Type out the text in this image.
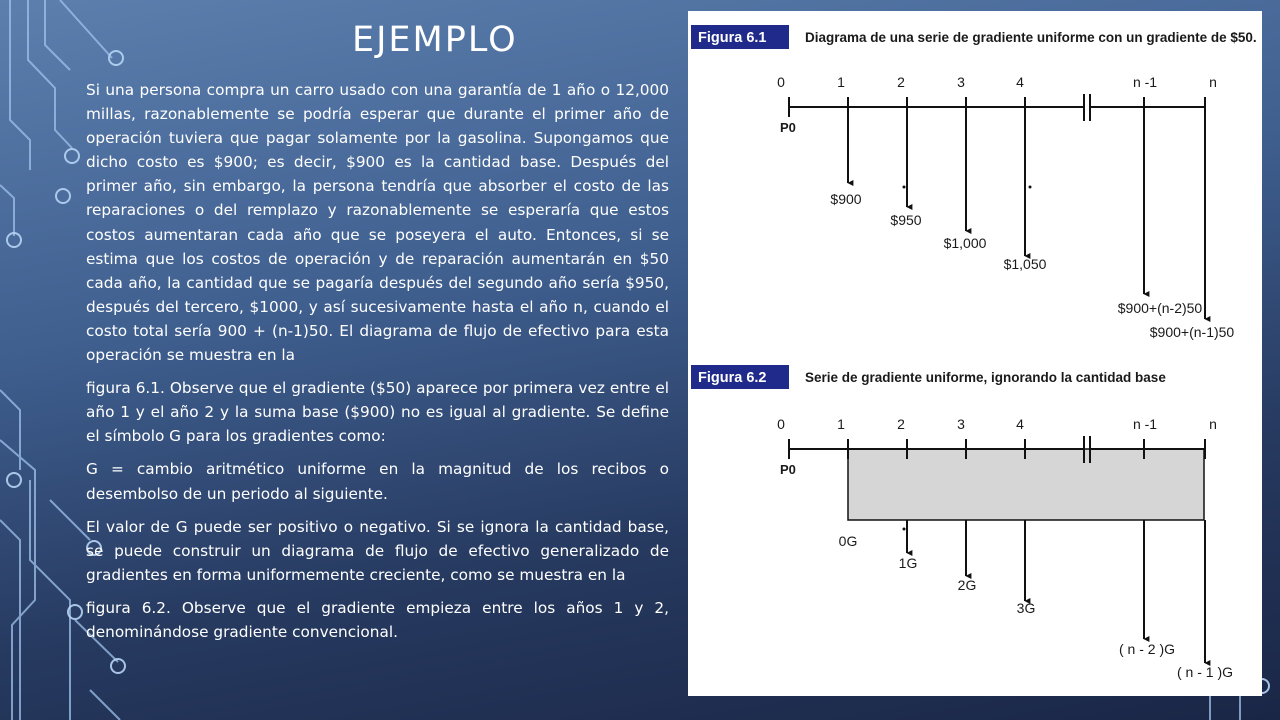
EJEMPLO

Si una persona compra un carro usado con una garantía de 1 año o 12,000 millas, razonablemente se podría esperar que durante el primer año de operación tuviera que pagar solamente por la gasolina. Supongamos que dicho costo es $900; es decir, $900 es la cantidad base. Después del primer año, sin embargo, la persona tendría que absorber el costo de las reparaciones o del remplazo y razonablemente se esperaría que estos costos aumentaran cada año que se poseyera el auto. Entonces, si se estima que los costos de operación y de reparación aumentarán en $50 cada año, la cantidad que se pagaría después del segundo año sería $950, después del tercero, $1000, y así sucesivamente hasta el año n, cuando el costo total sería 900 + (n-1)50. El diagrama de flujo de efectivo para esta operación se muestra en la

figura 6.1. Observe que el gradiente ($50) aparece por primera vez entre el año 1 y el año 2 y la suma base ($900) no es igual al gradiente. Se define el símbolo G para los gradientes como:

G = cambio aritmético uniforme en la magnitud de los recibos o desembolso de un periodo al siguiente.

El valor de G puede ser positivo o negativo. Si se ignora la cantidad base, se puede construir un diagrama de flujo de efectivo generalizado de gradientes en forma uniformemente creciente, como se muestra en la

figura 6.2. Observe que el gradiente empieza entre los años 1 y 2, denominándose gradiente convencional.

Figura 6.1	Diagrama de una serie de gradiente uniforme con un gradiente de $50.
0	1	2	3	4	n -1	n
P0
$900
$950
$1,000
$1,050
$900+(n-2)50
$900+(n-1)50
Figura 6.2	Serie de gradiente uniforme, ignorando la cantidad base
0	1	2	3	4	n -1	n
P0
0G
1G
2G
3G
( n - 2 )G
( n - 1 )G
